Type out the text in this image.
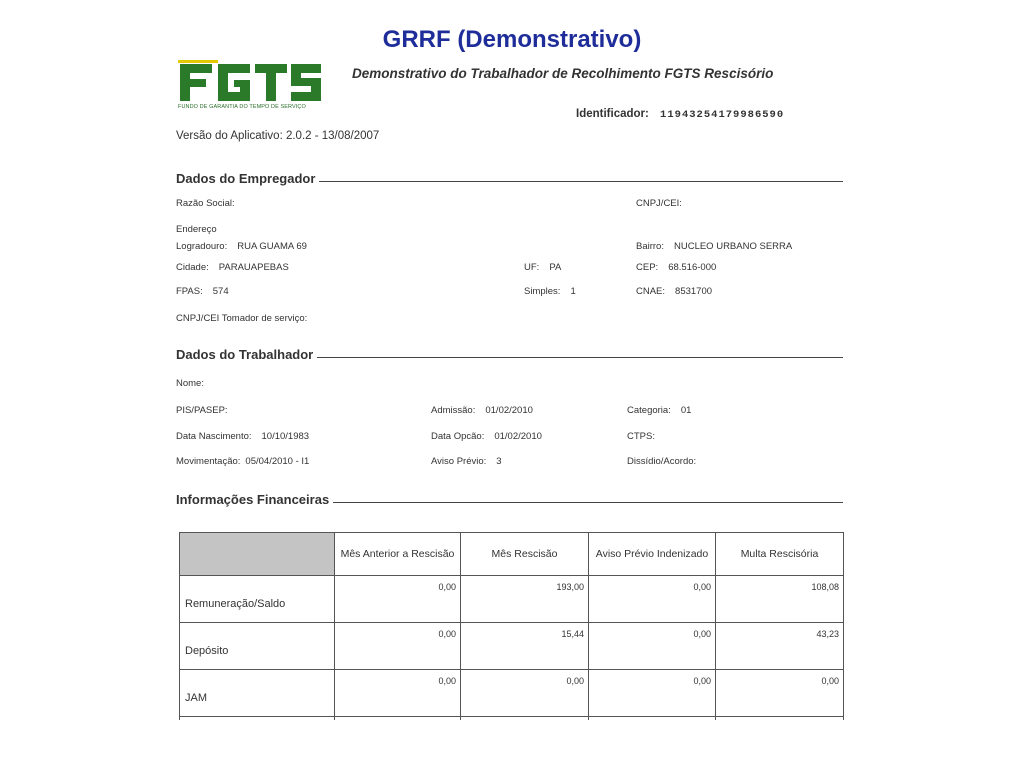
GRRF (Demonstrativo)
FUNDO DE GARANTIA DO TEMPO DE SERVIÇO
Demonstrativo do Trabalhador de Recolhimento FGTS Rescisório
Identificador: 11943254179986590
Versão do Aplicativo: 2.0.2 - 13/08/2007
Dados do Empregador
Razão Social:	CNPJ/CEI:
Endereço
Logradouro: RUA GUAMA 69	Bairro: NUCLEO URBANO SERRA
Cidade: PARAUAPEBAS	UF: PA	CEP: 68.516-000
FPAS: 574	Simples: 1	CNAE: 8531700
CNPJ/CEI Tomador de serviço:
Dados do Trabalhador
Nome:
PIS/PASEP:	Admissão: 01/02/2010	Categoria: 01
Data Nascimento: 10/10/1983	Data Opcão: 01/02/2010	CTPS:
Movimentação: 05/04/2010 - I1	Aviso Prévio: 3	Dissídio/Acordo:
Informações Financeiras
	Mês Anterior a Rescisão	Mês Rescisão	Aviso Prévio Indenizado	Multa Rescisória
Remuneração/Saldo	0,00	193,00	0,00	108,08
Depósito	0,00	15,44	0,00	43,23
JAM	0,00	0,00	0,00	0,00
